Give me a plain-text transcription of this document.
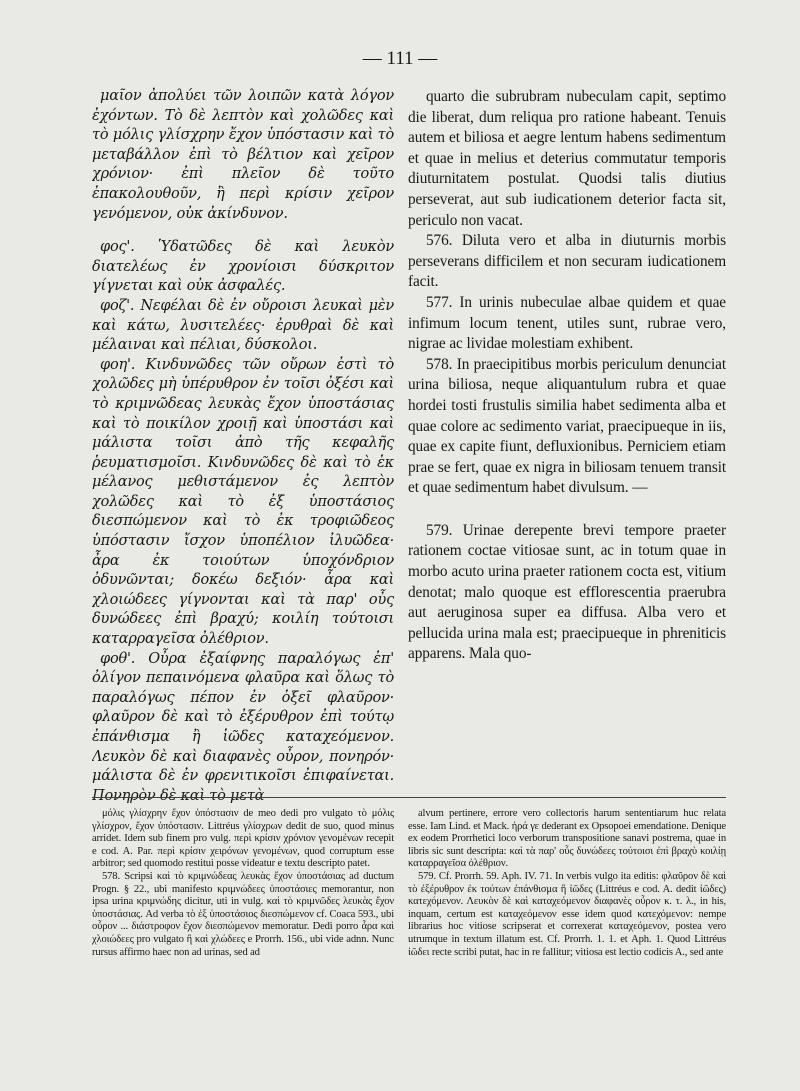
— 111 —

μαῖον ἀπολύει τῶν λοιπῶν κατὰ λόγον ἐχόντων. Τὸ δὲ λεπτὸν καὶ χολῶδες καὶ τὸ μόλις γλίσχρην ἔχον ὑπόστασιν καὶ τὸ μεταβάλλον ἐπὶ τὸ βέλτιον καὶ χεῖρον χρόνιον· ἐπὶ πλεῖον δὲ τοῦτο ἐπακολουθοῦν, ἢ περὶ κρίσιν χεῖρον γενόμενον, οὐκ ἀκίνδυνον.

φος'. Ὑδατῶδες δὲ καὶ λευκὸν διατελέως ἐν χρονίοισι δύσκριτον γίγνεται καὶ οὐκ ἀσφαλές.

φοζ'. Νεφέλαι δὲ ἐν οὔροισι λευκαὶ μὲν καὶ κάτω, λυσιτελέες· ἐρυθραὶ δὲ καὶ μέλαιναι καὶ πέλιαι, δύσκολοι.

φοη'. Κινδυνῶδες τῶν οὔρων ἐστὶ τὸ χολῶδες μὴ ὑπέρυθρον ἐν τοῖσι ὀξέσι καὶ τὸ κριμνῶδεας λευκὰς ἔχον ὑποστάσιας καὶ τὸ ποικίλον χροιῇ καὶ ὑποστάσι καὶ μάλιστα τοῖσι ἀπὸ τῆς κεφαλῆς ῥευματισμοῖσι. Κινδυνῶδες δὲ καὶ τὸ ἐκ μέλανος μεθιστάμενον ἐς λεπτὸν χολῶδες καὶ τὸ ἐξ ὑποστάσιος διεσπώμενον καὶ τὸ ἐκ τροφιῶδεος ὑπόστασιν ἴσχον ὑποπέλιον ἰλυῶδεα· ἆρα ἐκ τοιούτων ὑποχόνδριον ὀδυνῶνται; δοκέω δεξιόν· ἆρα καὶ χλοιώδεες γίγνονται καὶ τὰ παρ' οὖς δυνώδεες ἐπὶ βραχύ; κοιλίη τούτοισι καταρραγεῖσα ὀλέθριον.

φοθ'. Οὖρα ἐξαίφνης παραλόγως ἐπ' ὀλίγον πεπαινόμενα φλαῦρα καὶ ὅλως τὸ παραλόγως πέπον ἐν ὀξεῖ φλαῦρον· φλαῦρον δὲ καὶ τὸ ἐξέρυθρον ἐπὶ τούτῳ ἐπάνθισμα ἢ ἰῶδες καταχεόμενον. Λευκὸν δὲ καὶ διαφανὲς οὖρον, πονηρόν· μάλιστα δὲ ἐν φρενιτικοῖσι ἐπιφαίνεται. Πονηρὸν δὲ καὶ τὸ μετὰ

quarto die subrubram nubeculam capit, septimo die liberat, dum reliqua pro ratione habeant. Tenuis autem et biliosa et aegre lentum habens sedimentum et quae in melius et deterius commutatur temporis diuturnitatem postulat. Quodsi talis diutius perseverat, aut sub iudicationem deterior facta sit, periculo non vacat.

576. Diluta vero et alba in diuturnis morbis perseverans difficilem et non securam iudicationem facit.

577. In urinis nubeculae albae quidem et quae infimum locum tenent, utiles sunt, rubrae vero, nigrae ac lividae molestiam exhibent.

578. In praecipitibus morbis periculum denunciat urina biliosa, neque aliquantulum rubra et quae hordei tosti frustulis similia habet sedimenta alba et quae colore ac sedimento variat, praecipueque in iis, quae ex capite fiunt, defluxionibus. Perniciem etiam prae se fert, quae ex nigra in biliosam tenuem transit et quae sedimentum habet divulsum. —

579. Urinae derepente brevi tempore praeter rationem coctae vitiosae sunt, ac in totum quae in morbo acuto urina praeter rationem cocta est, vitium denotat; malo quoque est efflorescentia praerubra aut aeruginosa super ea diffusa. Alba vero et pellucida urina mala est; praecipueque in phreniticis apparens. Mala quo-

μόλις γλίσχρην ἔχον ὑπόστασιν de meo dedi pro vulgato τὸ μόλις γλίσχρον, ἔχον ὑπόστασιν. Littréus γλίσχρων dedit de suo, quod minus arridet. Idem sub finem pro vulg. περὶ κρίσιν χρόνιον γενομένων recepit e cod. A. Par. περὶ κρίσιν χειρόνων γενομένων, quod corruptum esse arbitror; sed quomodo restitui posse videatur e textu descripto patet.

578. Scripsi καὶ τὸ κριμνώδεας λευκὰς ἔχον ὑποστάσιας ad ductum Progn. § 22., ubi manifesto κριμνώδεες ὑποστάσιες memorantur, non ipsa urina κριμνώδης dicitur, uti in vulg. καὶ τὸ κριμνῶδες λευκὰς ἔχον ὑποστάσιας. Ad verba τὸ ἐξ ὑποστάσιος διεσπώμενον cf. Coaca 593., ubi οὖρον ... διάστροφον ἔχον διεσπώμενον memoratur. Dedi porro ἆρα καὶ χλοιώδεες pro vulgato ἢ καὶ χλώδεες e Prorrh. 156., ubi vide adnn. Nunc rursus affirmo haec non ad urinas, sed ad

alvum pertinere, errore vero collectoris harum sententiarum huc relata esse. Iam Lind. et Mack. ἠρά γε dederant ex Opsopoei emendatione. Denique ex eodem Prorrhetici loco verborum transpositione sanavi postrema, quae in libris sic sunt descripta: καὶ τὰ παρ' οὖς δυνώδεες τούτοισι ἐπὶ βραχὺ κοιλίῃ καταρραγεῖσα ὀλέθριον.

579. Cf. Prorrh. 59. Aph. IV. 71. In verbis vulgo ita editis: φλαῦρον δὲ καὶ τὸ ἐξέρυθρον ἐκ τούτων ἐπάνθισμα ἢ ἰῶδες (Littréus e cod. A. dedit ἰῶδες) κατεχόμενον. Λευκὸν δὲ καὶ καταχεόμενον διαφανὲς οὖρον κ. τ. λ., in his, inquam, certum est καταχεόμενον esse idem quod κατεχόμενον: nempe librarius hoc vitiose scripserat et correxerat καταχεόμενον, postea vero utrumque in textum illatum est. Cf. Prorrh. 1. 1. et Aph. 1. Quod Littréus ἰῶδει recte scribi putat, hac in re fallitur; vitiosa est lectio codicis A., sed ante
